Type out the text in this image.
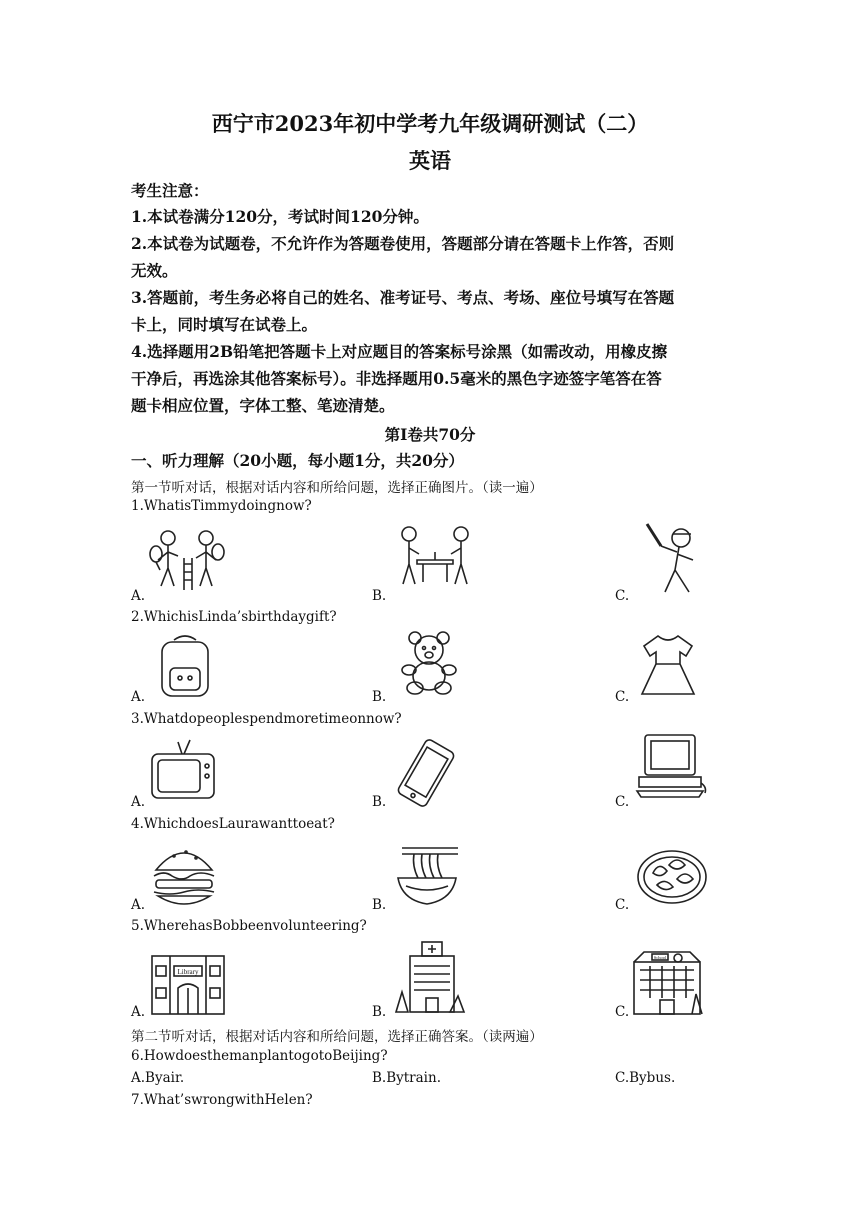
西宁市2023年初中学考九年级调研测试（二）
英语
考生注意：
1.本试卷满分120分，考试时间120分钟。
2.本试卷为试题卷，不允许作为答题卷使用，答题部分请在答题卡上作答，否则
无效。
3.答题前，考生务必将自己的姓名、准考证号、考点、考场、座位号填写在答题
卡上，同时填写在试卷上。
4.选择题用2B铅笔把答题卡上对应题目的答案标号涂黑（如需改动，用橡皮擦
干净后，再选涂其他答案标号）。非选择题用0.5毫米的黑色字迹签字笔答在答
题卡相应位置，字体工整、笔迹清楚。
第I卷共70分
一、听力理解（20小题，每小题1分，共20分）
第一节听对话，根据对话内容和所给问题，选择正确图片。（读一遍）
1.WhatisTimmydoingnow?
A.	B.	C.
2.WhichisLinda’sbirthdaygift?
A.	B.	C.
3.Whatdopeoplespendmoretimeonnow?
A.	B.	C.
4.WhichdoesLaurawanttoeat?
A.	B.	C.
5.WherehasBobbeenvolunteering?
Library
School
A.	B.	C.
第二节听对话，根据对话内容和所给问题，选择正确答案。（读两遍）
6.HowdoesthemanplantogotoBeijing?
A.Byair.	B.Bytrain.	C.Bybus.
7.What’swrongwithHelen?
